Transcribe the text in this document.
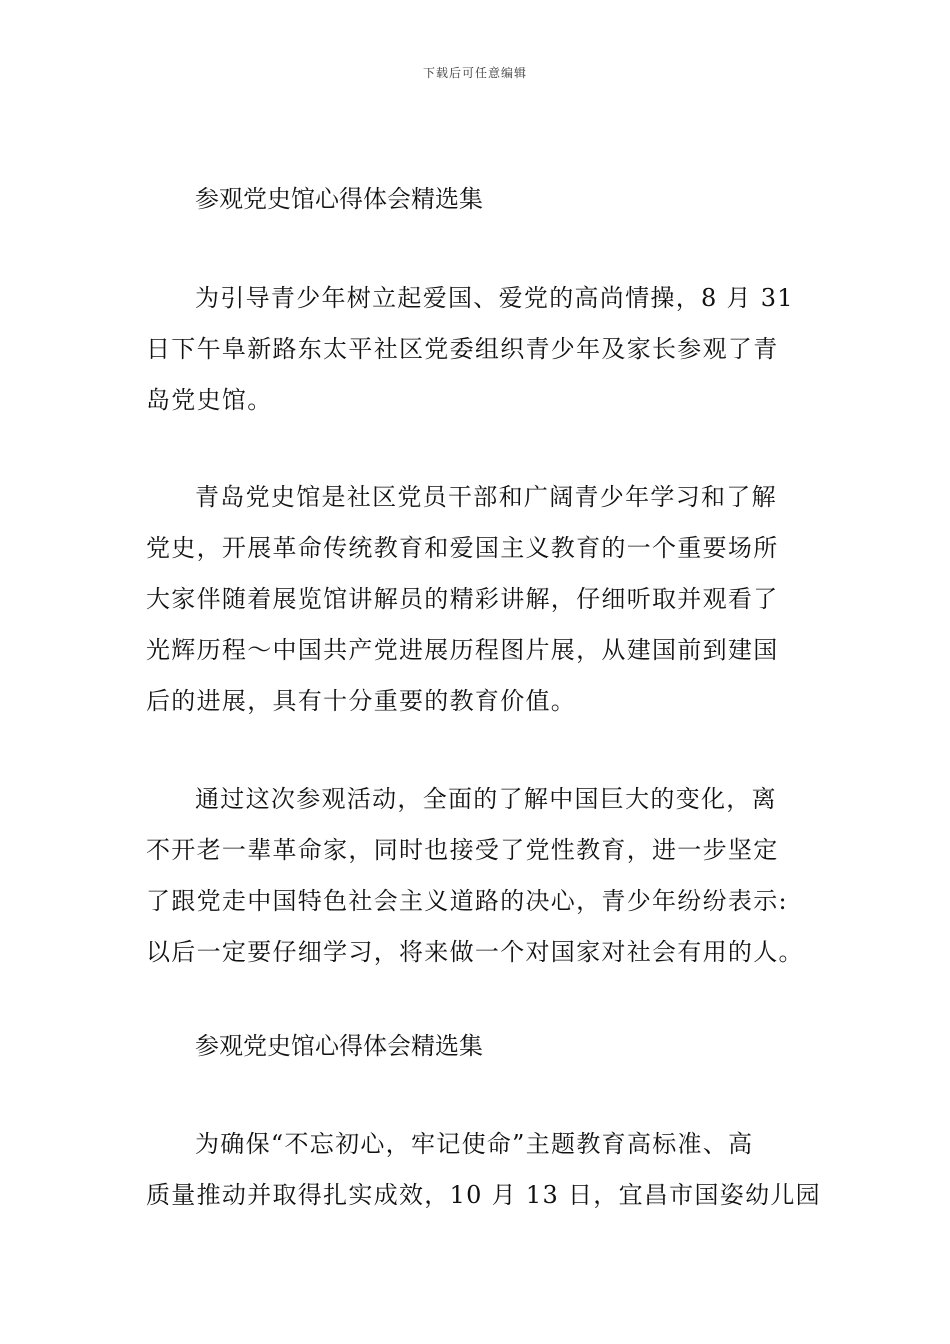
下载后可任意编辑
参观党史馆心得体会精选集
为引导青少年树立起爱国、爱党的高尚情操，8 月 31
日下午阜新路东太平社区党委组织青少年及家长参观了青
岛党史馆。
青岛党史馆是社区党员干部和广阔青少年学习和了解
党史，开展革命传统教育和爱国主义教育的一个重要场所
大家伴随着展览馆讲解员的精彩讲解，仔细听取并观看了
光辉历程～中国共产党进展历程图片展，从建国前到建国
后的进展，具有十分重要的教育价值。
通过这次参观活动，全面的了解中国巨大的变化，离
不开老一辈革命家，同时也接受了党性教育，进一步坚定
了跟党走中国特色社会主义道路的决心，青少年纷纷表示:
以后一定要仔细学习，将来做一个对国家对社会有用的人。
参观党史馆心得体会精选集
为确保“不忘初心，牢记使命”主题教育高标准、高
质量推动并取得扎实成效，10 月 13 日，宜昌市国姿幼儿园
